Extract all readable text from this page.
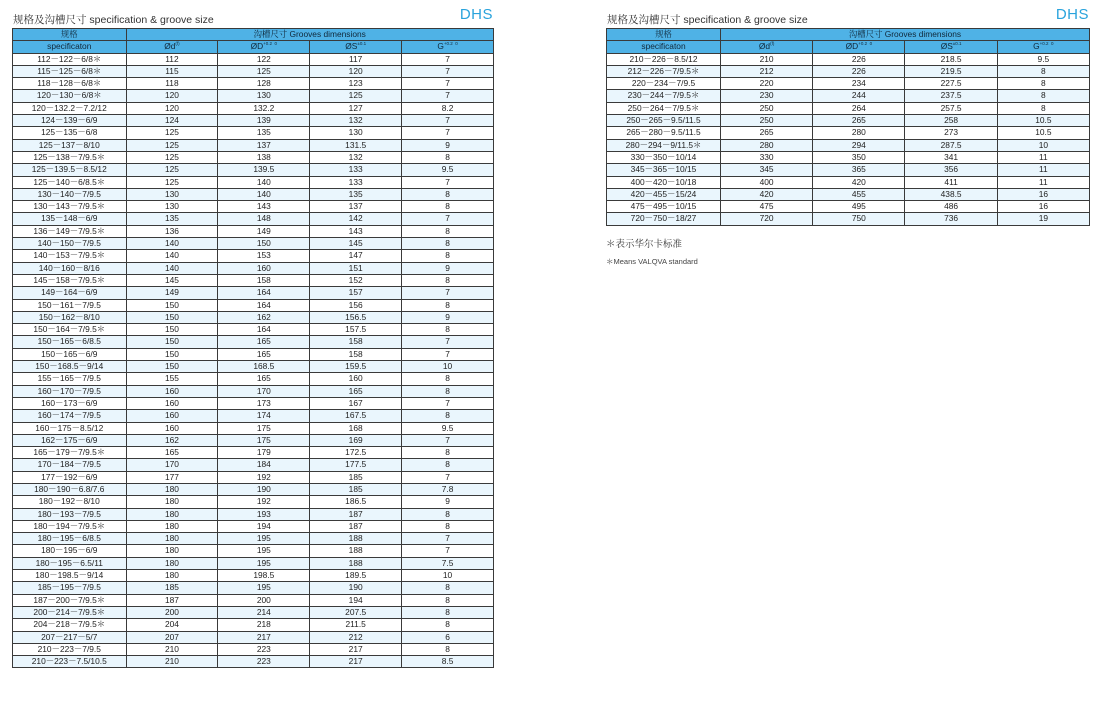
规格及沟槽尺寸 specification & groove size	DHS
规格	沟槽尺寸 Grooves dimensions			
specificaton	$Ød^{(f)}$	$ØD^{+0.2 0}$	$ØS^{\pm 0.1}$	$G^{+0.2 0}$
112－122－6/8＊	112	122	117	7
115－125－6/8＊	115	125	120	7
118－128－6/8＊	118	128	123	7
120－130－6/8＊	120	130	125	7
120－132.2－7.2/12	120	132.2	127	8.2
124－139－6/9	124	139	132	7
125－135－6/8	125	135	130	7
125－137－8/10	125	137	131.5	9
125－138－7/9.5＊	125	138	132	8
125－139.5－8.5/12	125	139.5	133	9.5
125－140－6/8.5＊	125	140	133	7
130－140－7/9.5	130	140	135	8
130－143－7/9.5＊	130	143	137	8
135－148－6/9	135	148	142	7
136－149－7/9.5＊	136	149	143	8
140－150－7/9.5	140	150	145	8
140－153－7/9.5＊	140	153	147	8
140－160－8/16	140	160	151	9
145－158－7/9.5＊	145	158	152	8
149－164－6/9	149	164	157	7
150－161－7/9.5	150	164	156	8
150－162－8/10	150	162	156.5	9
150－164－7/9.5＊	150	164	157.5	8
150－165－6/8.5	150	165	158	7
150－165－6/9	150	165	158	7
150－168.5－9/14	150	168.5	159.5	10
155－165－7/9.5	155	165	160	8
160－170－7/9.5	160	170	165	8
160－173－6/9	160	173	167	7
160－174－7/9.5	160	174	167.5	8
160－175－8.5/12	160	175	168	9.5
162－175－6/9	162	175	169	7
165－179－7/9.5＊	165	179	172.5	8
170－184－7/9.5	170	184	177.5	8
177－192－6/9	177	192	185	7
180－190－6.8/7.6	180	190	185	7.8
180－192－8/10	180	192	186.5	9
180－193－7/9.5	180	193	187	8
180－194－7/9.5＊	180	194	187	8
180－195－6/8.5	180	195	188	7
180－195－6/9	180	195	188	7
180－195－6.5/11	180	195	188	7.5
180－198.5－9/14	180	198.5	189.5	10
185－195－7/9.5	185	195	190	8
187－200－7/9.5＊	187	200	194	8
200－214－7/9.5＊	200	214	207.5	8
204－218－7/9.5＊	204	218	211.5	8
207－217－5/7	207	217	212	6
210－223－7/9.5	210	223	217	8
210－223－7.5/10.5	210	223	217	8.5
规格及沟槽尺寸 specification & groove size	DHS
规格	沟槽尺寸 Grooves dimensions			
specificaton	$Ød^{(f)}$	$ØD^{+0.2 0}$	$ØS^{\pm 0.1}$	$G^{+0.2 0}$
210－226－8.5/12	210	226	218.5	9.5
212－226－7/9.5＊	212	226	219.5	8
220－234－7/9.5	220	234	227.5	8
230－244－7/9.5＊	230	244	237.5	8
250－264－7/9.5＊	250	264	257.5	8
250－265－9.5/11.5	250	265	258	10.5
265－280－9.5/11.5	265	280	273	10.5
280－294－9/11.5＊	280	294	287.5	10
330－350－10/14	330	350	341	11
345－365－10/15	345	365	356	11
400－420－10/18	400	420	411	11
420－455－15/24	420	455	438.5	16
475－495－10/15	475	495	486	16
720－750－18/27	720	750	736	19

＊表示华尔卡标准

＊Means VALQVA standard
